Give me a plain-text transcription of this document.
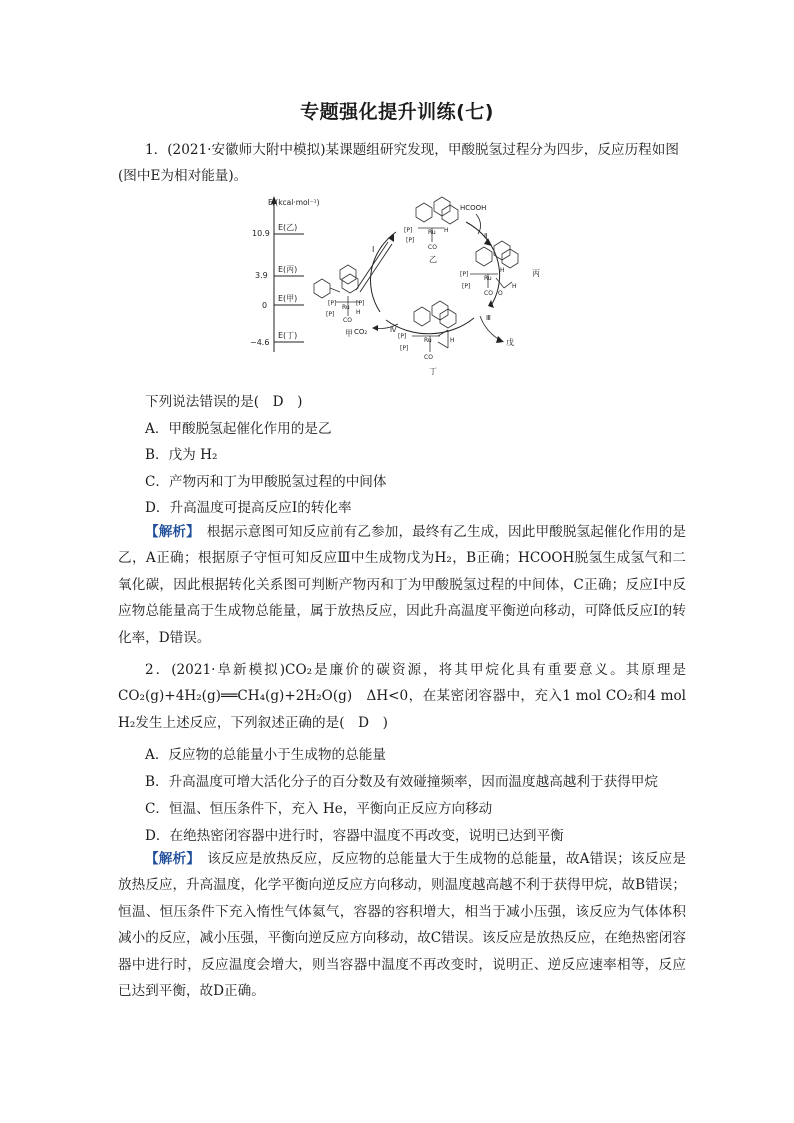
专题强化提升训练(七)
1．(2021·安徽师大附中模拟)某课题组研究发现，甲酸脱氢过程分为四步，反应历程如图
(图中E为相对能量)。
E/(kcal·mol⁻¹)
10.9
3.9
0
−4.6
E(乙)
E(丙)
E(甲)
E(丁)
[P]	[P]
Ru
H
[P]
CO
甲
Ⅰ
[P]	Ru H
[P]
CO
乙
HCOOH
Ⅱ
[P]
Ru
H
[P]
CO O
H
丙
Ⅲ
戊
[P]
Ru
[P]
CO
H
丁
Ⅳ
CO₂
下列说法错误的是(　D　)
A．甲酸脱氢起催化作用的是乙
B．戊为 H₂
C．产物丙和丁为甲酸脱氢过程的中间体
D．升高温度可提高反应Ⅰ的转化率
【解析】　 根据示意图可知反应前有乙参加，最终有乙生成，因此甲酸脱氢起催化作用的是乙，A正确；根据原子守恒可知反应Ⅲ中生成物戊为H₂，B正确；HCOOH脱氢生成氢气和二氧化碳，因此根据转化关系图可判断产物丙和丁为甲酸脱氢过程的中间体，C正确；反应Ⅰ中反应物总能量高于生成物总能量，属于放热反应，因此升高温度平衡逆向移动，可降低反应Ⅰ的转化率，D错误。
2．(2021·阜新模拟)CO₂是廉价的碳资源，将其甲烷化具有重要意义。其原理是CO₂(g)+4H₂(g)══CH₄(g)+2H₂O(g)　ΔH<0，在某密闭容器中，充入1 mol CO₂和4 mol H₂发生上述反应，下列叙述正确的是(　D　)
A．反应物的总能量小于生成物的总能量
B．升高温度可增大活化分子的百分数及有效碰撞频率，因而温度越高越利于获得甲烷
C．恒温、恒压条件下，充入 He，平衡向正反应方向移动
D．在绝热密闭容器中进行时，容器中温度不再改变，说明已达到平衡
【解析】　 该反应是放热反应，反应物的总能量大于生成物的总能量，故A错误；该反应是放热反应，升高温度，化学平衡向逆反应方向移动，则温度越高越不利于获得甲烷，故B错误；恒温、恒压条件下充入惰性气体氦气，容器的容积增大，相当于减小压强，该反应为气体体积减小的反应，减小压强，平衡向逆反应方向移动，故C错误。该反应是放热反应，在绝热密闭容器中进行时，反应温度会增大，则当容器中温度不再改变时，说明正、逆反应速率相等，反应已达到平衡，故D正确。
